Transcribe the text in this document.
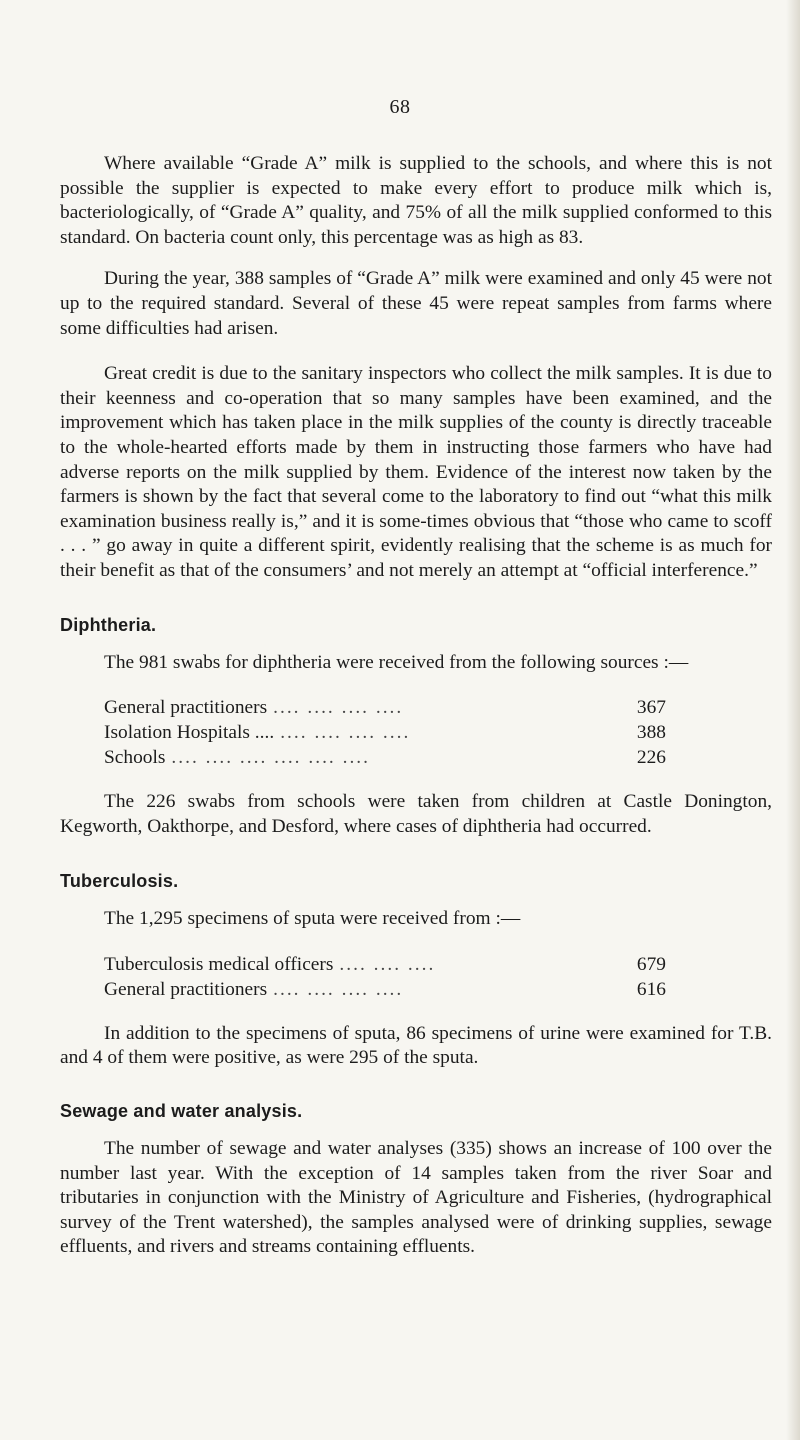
68

Where available “Grade A” milk is supplied to the schools, and where this is not possible the supplier is expected to make every effort to produce milk which is, bacteriologically, of “Grade A” quality, and 75% of all the milk supplied conformed to this standard. On bacteria count only, this percentage was as high as 83.

During the year, 388 samples of “Grade A” milk were examined and only 45 were not up to the required standard. Several of these 45 were repeat samples from farms where some difficulties had arisen.

Great credit is due to the sanitary inspectors who collect the milk samples. It is due to their keenness and co-operation that so many samples have been examined, and the improvement which has taken place in the milk supplies of the county is directly traceable to the whole-hearted efforts made by them in instructing those farmers who have had adverse reports on the milk supplied by them. Evidence of the interest now taken by the farmers is shown by the fact that several come to the laboratory to find out “what this milk examination business really is,” and it is some-times obvious that “those who came to scoff . . . ” go away in quite a different spirit, evidently realising that the scheme is as much for their benefit as that of the consumers’ and not merely an attempt at “official interference.”

Diphtheria.

The 981 swabs for diphtheria were received from the following sources :—

General practitioners .... .... .... ....	367
Isolation Hospitals .... .... .... .... ....	388
Schools .... .... .... .... .... ....	226

The 226 swabs from schools were taken from children at Castle Donington, Kegworth, Oakthorpe, and Desford, where cases of diphtheria had occurred.

Tuberculosis.

The 1,295 specimens of sputa were received from :—

Tuberculosis medical officers .... .... ....	679
General practitioners .... .... .... ....	616

In addition to the specimens of sputa, 86 specimens of urine were examined for T.B. and 4 of them were positive, as were 295 of the sputa.

Sewage and water analysis.

The number of sewage and water analyses (335) shows an increase of 100 over the number last year. With the exception of 14 samples taken from the river Soar and tributaries in conjunction with the Ministry of Agriculture and Fisheries, (hydrographical survey of the Trent watershed), the samples analysed were of drinking supplies, sewage effluents, and rivers and streams containing effluents.
